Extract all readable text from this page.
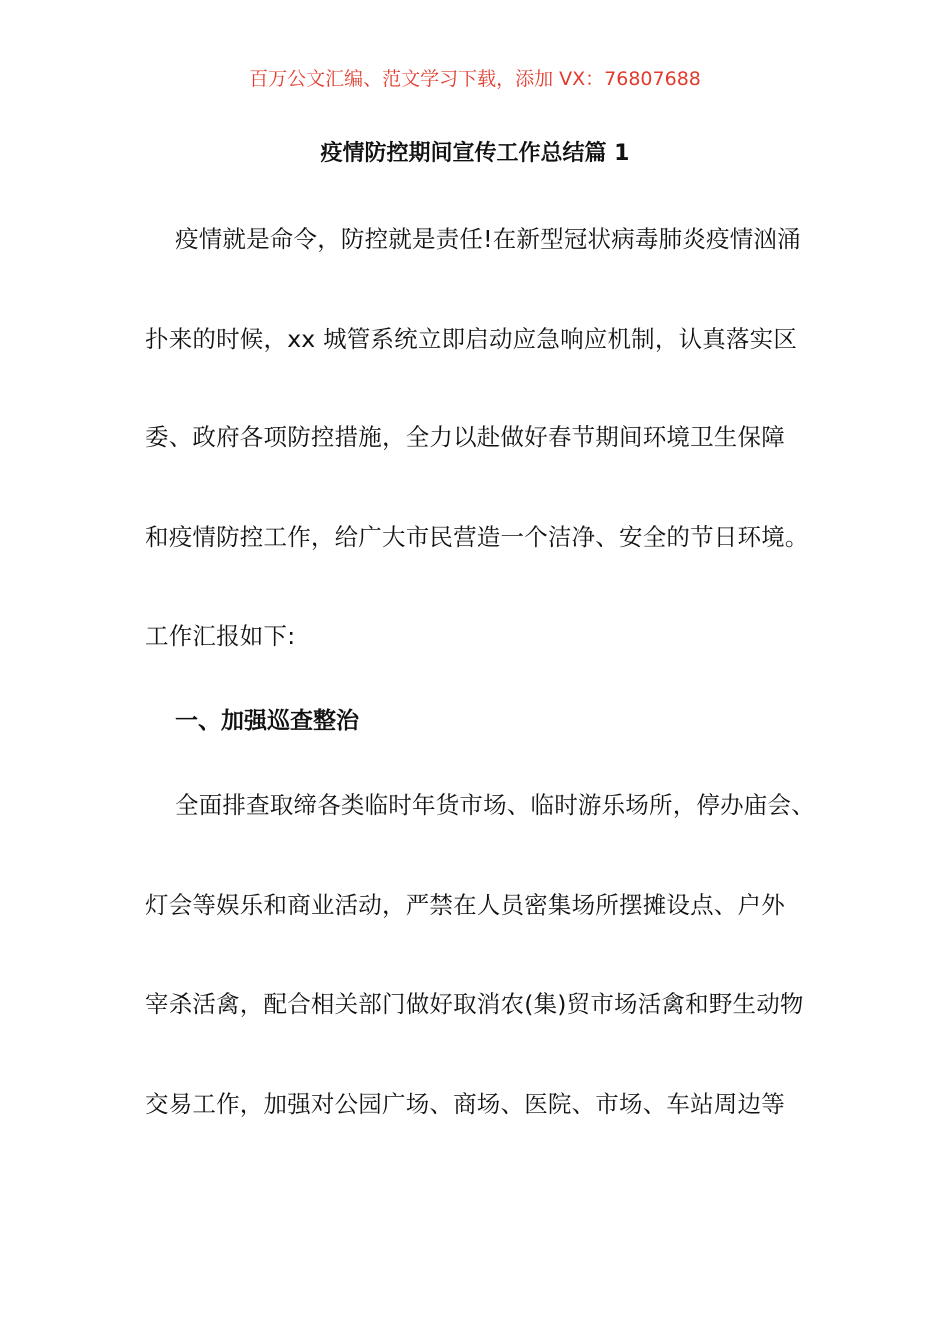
百万公文汇编、范文学习下载，添加 VX：76807688
疫情防控期间宣传工作总结篇 1
疫情就是命令，防控就是责任!在新型冠状病毒肺炎疫情汹涌
扑来的时候，xx 城管系统立即启动应急响应机制，认真落实区
委、政府各项防控措施，全力以赴做好春节期间环境卫生保障
和疫情防控工作，给广大市民营造一个洁净、安全的节日环境。
工作汇报如下:
一、加强巡查整治
全面排查取缔各类临时年货市场、临时游乐场所，停办庙会、
灯会等娱乐和商业活动，严禁在人员密集场所摆摊设点、户外
宰杀活禽，配合相关部门做好取消农(集)贸市场活禽和野生动物
交易工作，加强对公园广场、商场、医院、市场、车站周边等
